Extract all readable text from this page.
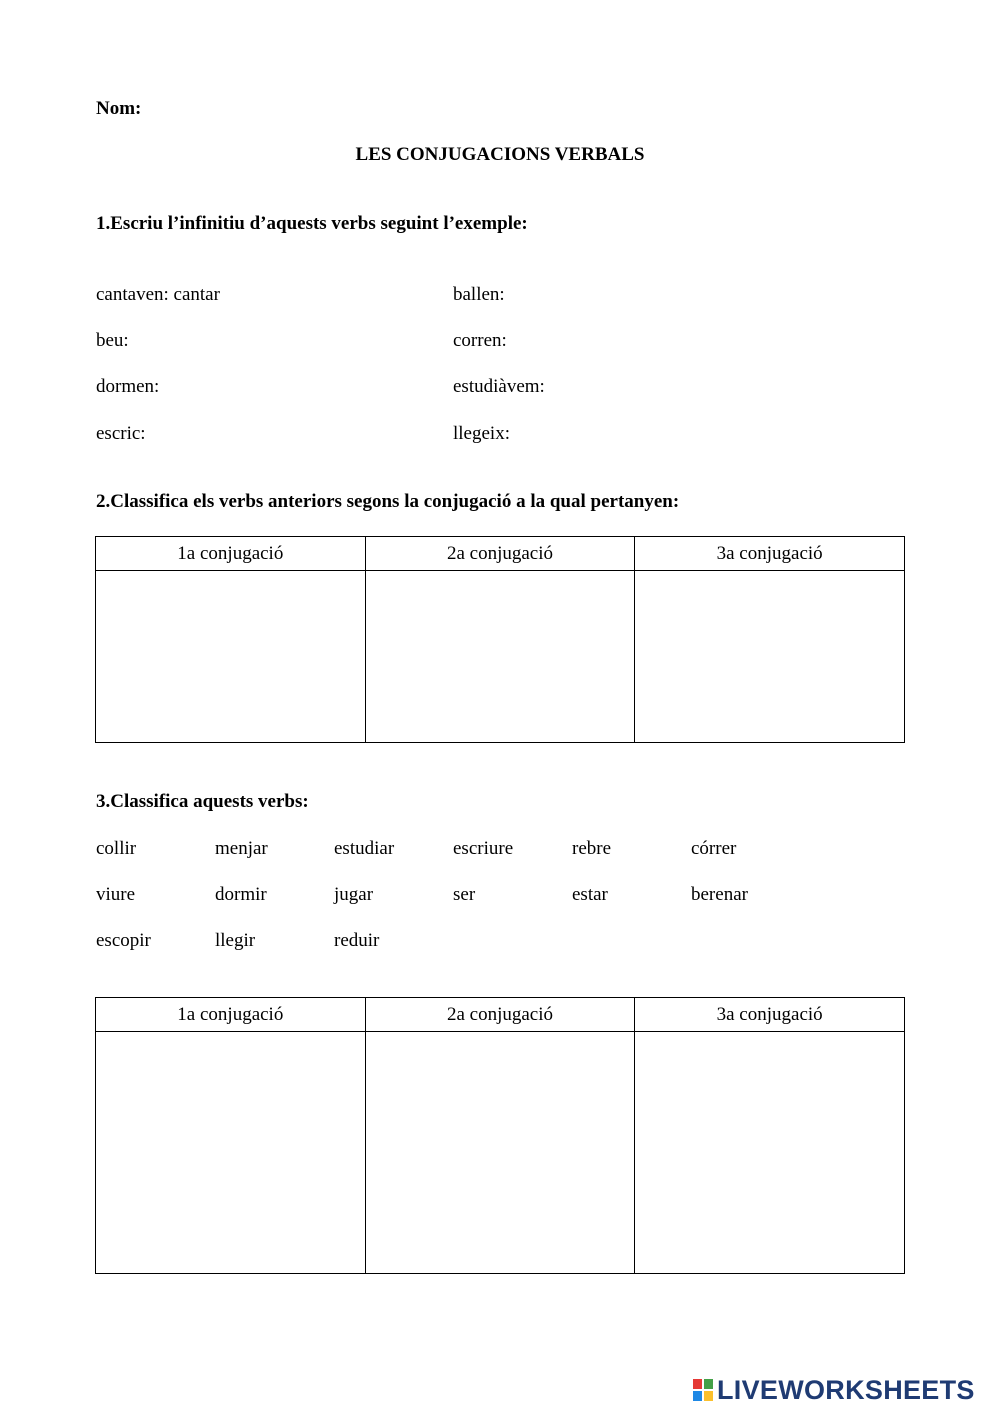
Nom:
LES CONJUGACIONS VERBALS
1.Escriu l’infinitiu d’aquests verbs seguint l’exemple:
cantaven: cantar	ballen:
beu:	corren:
dormen:	estudiàvem:
escric:	llegeix:
2.Classifica els verbs anteriors segons la conjugació a la qual pertanyen:
1a conjugació	2a conjugació	3a conjugació

3.Classifica aquests verbs:
collir	menjar	estudiar	escriure	rebre	córrer
viure	dormir	jugar	ser	estar	berenar
escopir	llegir	reduir
1a conjugació	2a conjugació	3a conjugació

LIVEWORKSHEETS
